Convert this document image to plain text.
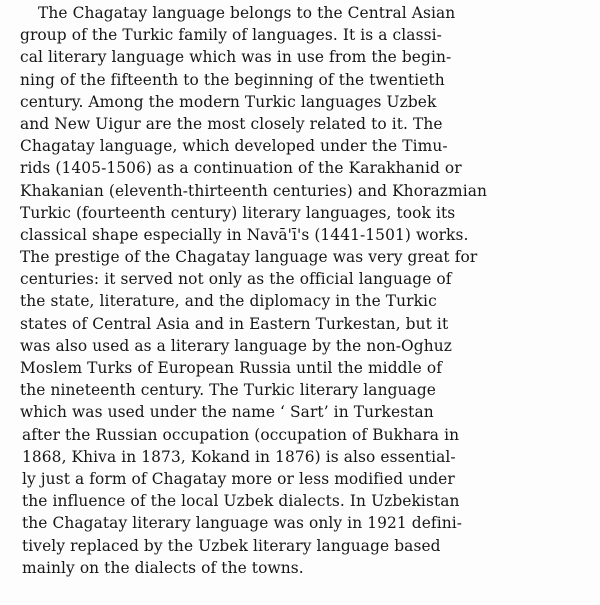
The Chagatay language belongs to the Central Asian
group of the Turkic family of languages. It is a classi-
cal literary language which was in use from the begin-
ning of the fifteenth to the beginning of the twentieth
century. Among the modern Turkic languages Uzbek
and New Uigur are the most closely related to it. The
Chagatay language, which developed under the Timu-
rids (1405-1506) as a continuation of the Karakhanid or
Khakanian (eleventh-thirteenth centuries) and Khorazmian
Turkic (fourteenth century) literary languages, took its
classical shape especially in Navā'ī's (1441-1501) works.
The prestige of the Chagatay language was very great for
centuries: it served not only as the official language of
the state, literature, and the diplomacy in the Turkic
states of Central Asia and in Eastern Turkestan, but it
was also used as a literary language by the non-Oghuz
Moslem Turks of European Russia until the middle of
the nineteenth century. The Turkic literary language
which was used under the name ‘ Sart’ in Turkestan
after the Russian occupation (occupation of Bukhara in
1868, Khiva in 1873, Kokand in 1876) is also essential-
ly just a form of Chagatay more or less modified under
the influence of the local Uzbek dialects. In Uzbekistan
the Chagatay literary language was only in 1921 defini-
tively replaced by the Uzbek literary language based
mainly on the dialects of the towns.
